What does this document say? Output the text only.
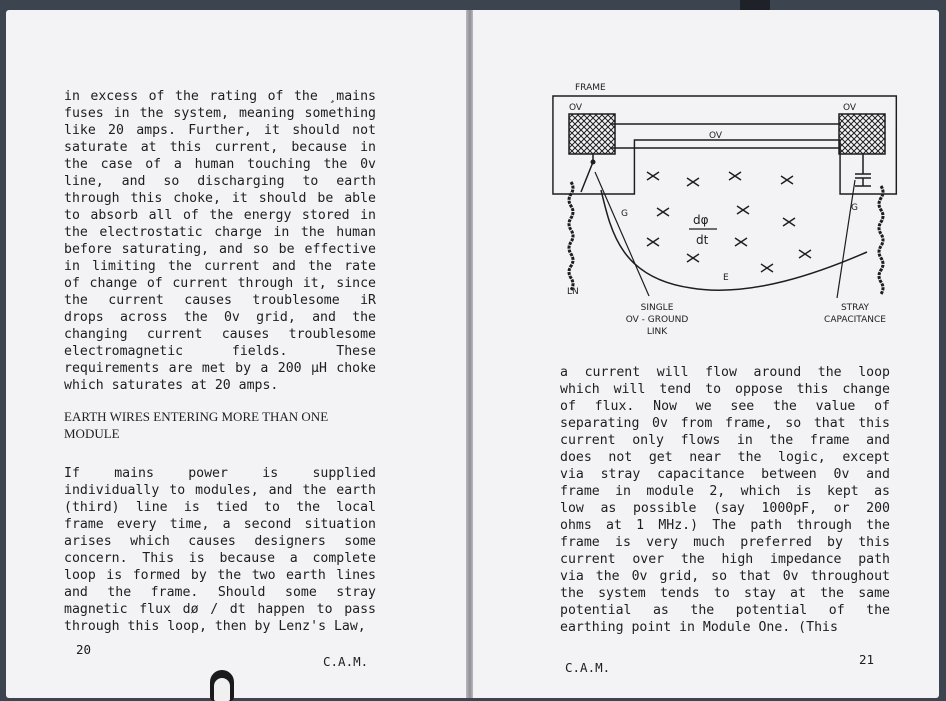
in excess of the rating of the ¸mains
fuses in the system, meaning something
like 20 amps. Further, it should not
saturate at this current, because in
the case of a human touching the 0v
line, and so discharging to earth
through this choke, it should be able
to absorb all of the energy stored in
the electrostatic charge in the human
before saturating, and so be effective
in limiting the current and the rate
of change of current through it, since
the current causes troublesome iR
drops across the 0v grid, and the
changing current causes troublesome
electromagnetic fields. These
requirements are met by a 200 µH choke
which saturates at 20 amps.
EARTH WIRES ENTERING MORE THAN ONE
MODULE
If mains power is supplied
individually to modules, and the earth
(third) line is tied to the local
frame every time, a second situation
arises which causes designers some
concern. This is because a complete
loop is formed by the two earth lines
and the frame. Should some stray
magnetic flux dø / dt happen to pass
through this loop, then by Lenz's Law,
20
C.A.M.
FRAME
OV
OV	OV
LN
G
G
E
dφ
dt
SINGLE
OV - GROUND
LINK
STRAY
CAPACITANCE
a current will flow around the loop
which will tend to oppose this change
of flux. Now we see the value of
separating 0v from frame, so that this
current only flows in the frame and
does not get near the logic, except
via stray capacitance between 0v and
frame in module 2, which is kept as
low as possible (say 1000pF, or 200
ohms at 1 MHz.) The path through the
frame is very much preferred by this
current over the high impedance path
via the 0v grid, so that 0v throughout
the system tends to stay at the same
potential as the potential of the
earthing point in Module One. (This
C.A.M.
21
